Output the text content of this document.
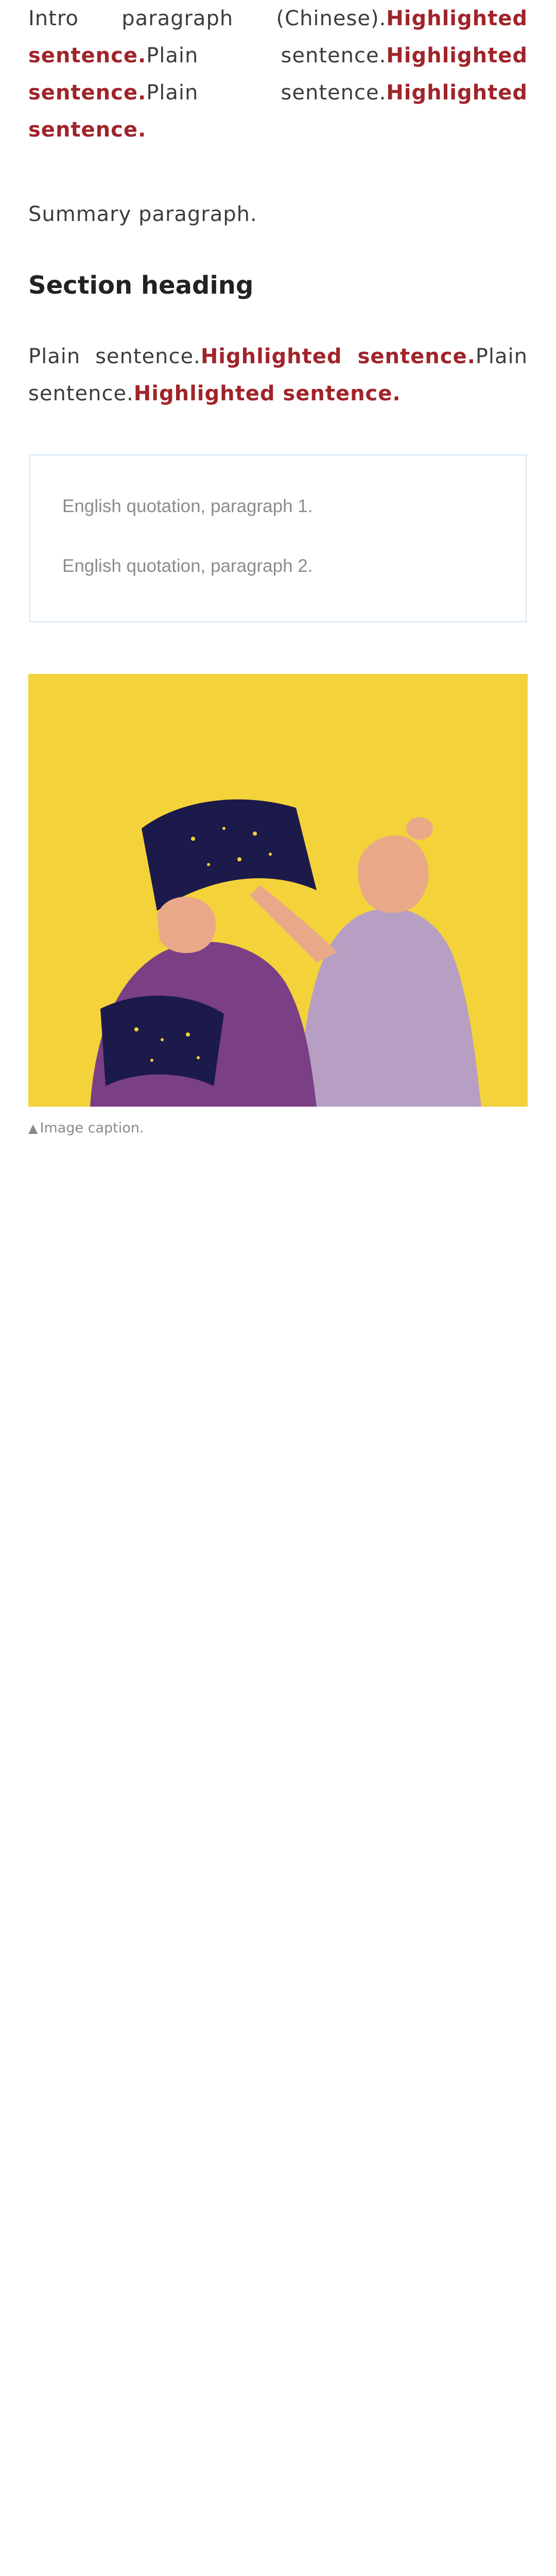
Intro paragraph (Chinese).Highlighted sentence.Plain sentence.Highlighted sentence.Plain sentence.Highlighted sentence.

Summary paragraph.

Section heading

Plain sentence.Highlighted sentence.Plain sentence.Highlighted sentence.

English quotation, paragraph 1.

English quotation, paragraph 2.

▲ Image caption.
